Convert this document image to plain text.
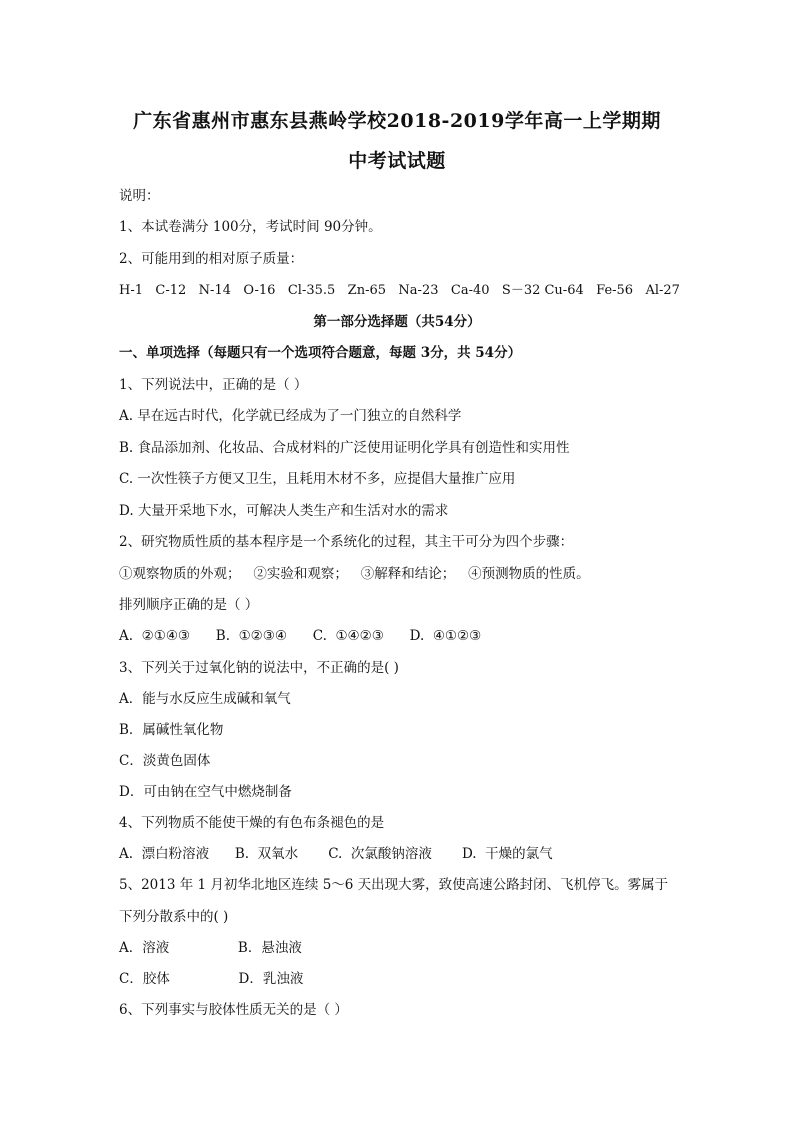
广东省惠州市惠东县燕岭学校2018-2019学年高一上学期期
中考试试题
说明：
1、本试卷满分 100分，考试时间 90分钟。
2、可能用到的相对原子质量：
H-1   C-12   N-14   O-16   Cl-35.5   Zn-65   Na-23   Ca-40   S－32 Cu-64   Fe-56   Al-27
第一部分选择题（共54分）
一、单项选择（每题只有一个选项符合题意，每题 3分，共 54分）
1、下列说法中，正确的是（ ）
A. 早在远古时代，化学就已经成为了一门独立的自然科学
B. 食品添加剂、化妆品、合成材料的广泛使用证明化学具有创造性和实用性
C. 一次性筷子方便又卫生，且耗用木材不多，应提倡大量推广应用
D. 大量开采地下水，可解决人类生产和生活对水的需求
2、研究物质性质的基本程序是一个系统化的过程，其主干可分为四个步骤：
①观察物质的外观；   ②实验和观察；   ③解释和结论；   ④预测物质的性质。
排列顺序正确的是（ ）
A.  ②①④③      B.  ①②③④      C.  ①④②③      D.  ④①②③
3、下列关于过氧化钠的说法中，不正确的是( )
A．能与水反应生成碱和氧气
B．属碱性氧化物
C．淡黄色固体
D．可由钠在空气中燃烧制备
4、下列物质不能使干燥的有色布条褪色的是
A.  漂白粉溶液      B.  双氧水       C.  次氯酸钠溶液       D.  干燥的氯气
5、2013 年 1 月初华北地区连续 5～6 天出现大雾，致使高速公路封闭、飞机停飞。雾属于
下列分散系中的( )
A．溶液                B．悬浊液
C．胶体                D．乳浊液
6、下列事实与胶体性质无关的是（ ）
